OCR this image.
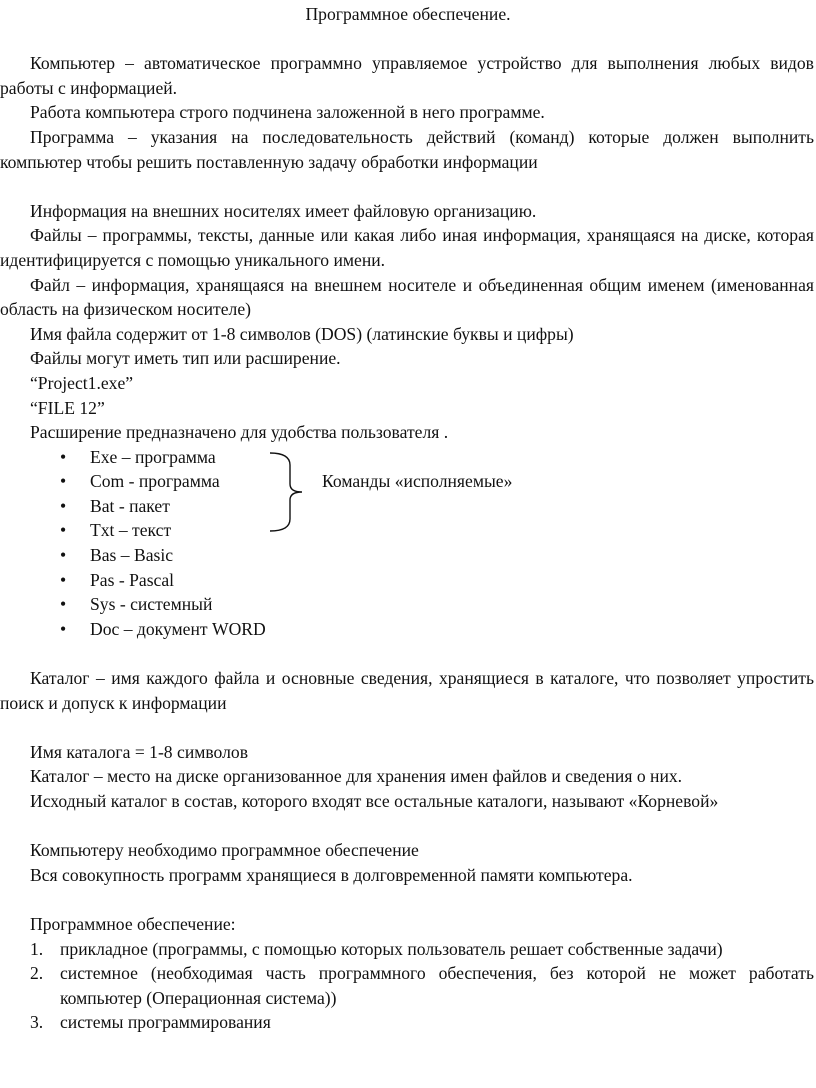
Программное обеспечение.

Компьютер – автоматическое программно управляемое устройство для выполнения любых видов работы с информацией.

Работа компьютера строго подчинена заложенной в него программе.

Программа – указания на последовательность действий (команд) которые должен выполнить компьютер чтобы решить поставленную задачу обработки информации

Информация на внешних носителях имеет файловую организацию.

Файлы – программы, тексты, данные или какая либо иная информация, хранящаяся на диске, которая идентифицируется с помощью уникального имени.

Файл – информация, хранящаяся на внешнем носителе и объединенная общим именем (именованная область на физическом носителе)

Имя файла содержит от 1-8 символов (DOS) (латинские буквы и цифры)

Файлы могут иметь тип или расширение.

“Project1.exe”

“FILE 12”

Расширение предназначено для удобства пользователя .

• Exe – программа
• Com - программа
• Bat - пакет
• Txt – текст
• Bas – Basic
• Pas - Pascal
• Sys - системный
• Doc – документ WORD
Команды «исполняемые»

Каталог – имя каждого файла и основные сведения, хранящиеся в каталоге, что позволяет упростить поиск и допуск к информации

Имя каталога = 1-8 символов

Каталог – место на диске организованное для хранения имен файлов и сведения о них.

Исходный каталог в состав, которого входят все остальные каталоги, называют «Корневой»

Компьютеру необходимо программное обеспечение

Вся совокупность программ хранящиеся в долговременной памяти компьютера.

Программное обеспечение:

1. прикладное (программы, с помощью которых пользователь решает собственные задачи)
2. системное (необходимая часть программного обеспечения, без которой не может работать компьютер (Операционная система))
3. системы программирования
